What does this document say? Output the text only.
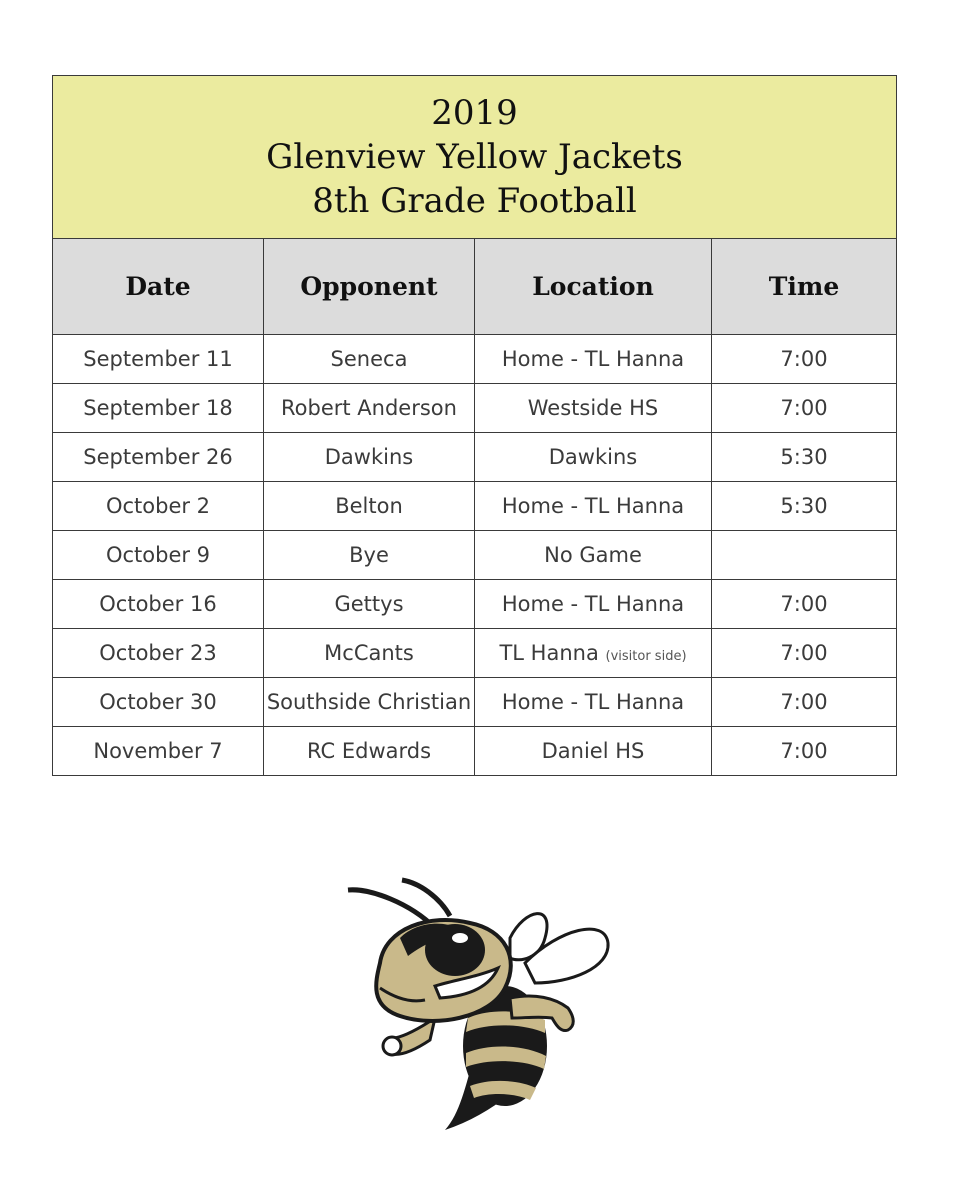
2019
Glenview Yellow Jackets
8th Grade Football			

Date	Opponent	Location	Time
September 11	Seneca	Home - TL Hanna	7:00
September 18	Robert Anderson	Westside HS	7:00
September 26	Dawkins	Dawkins	5:30
October 2	Belton	Home - TL Hanna	5:30
October 9	Bye	No Game	
October 16	Gettys	Home - TL Hanna	7:00
October 23	McCants	TL Hanna (visitor side)	7:00
October 30	Southside Christian	Home - TL Hanna	7:00
November 7	RC Edwards	Daniel HS	7:00
